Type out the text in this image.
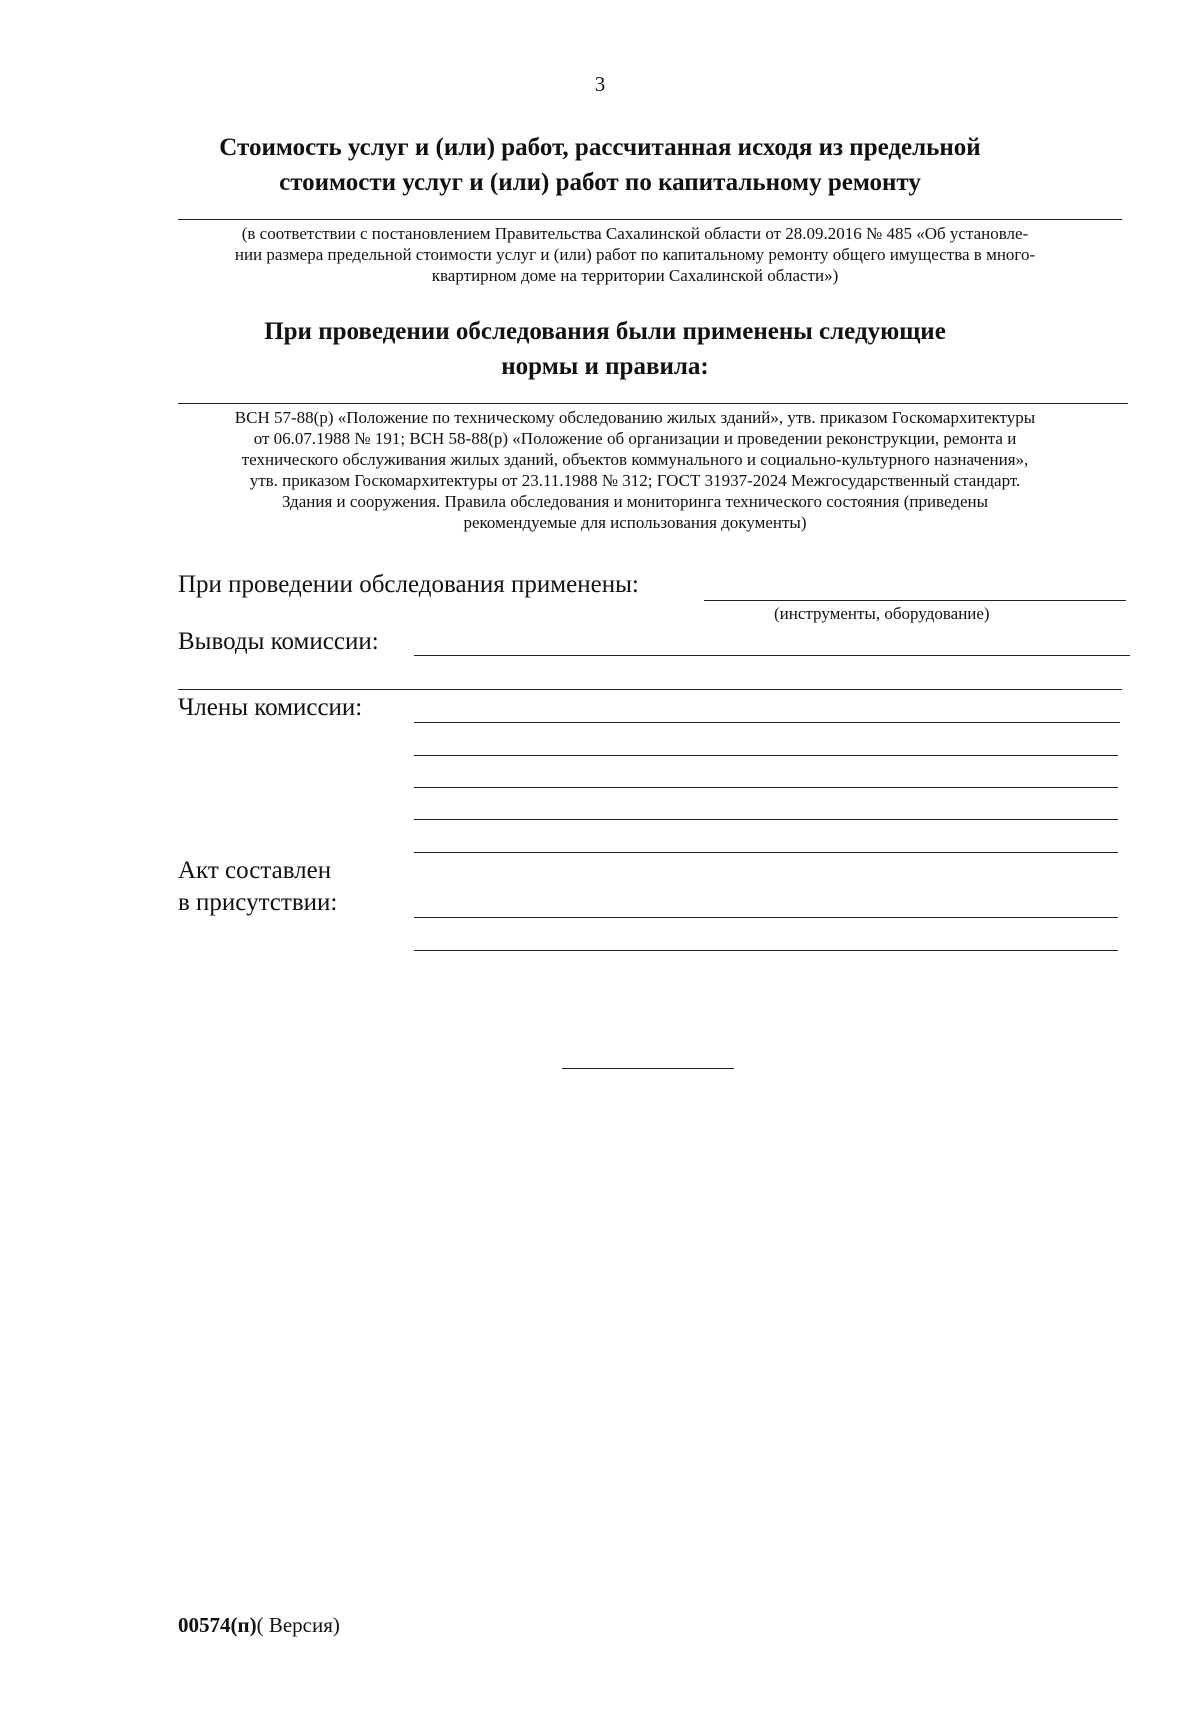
3
Стоимость услуг и (или) работ, рассчитанная исходя из предельной
стоимости услуг и (или) работ по капитальному ремонту
(в соответствии с постановлением Правительства Сахалинской области от 28.09.2016 № 485 «Об установле-
нии размера предельной стоимости услуг и (или) работ по капитальному ремонту общего имущества в много-
квартирном доме на территории Сахалинской области»)
При проведении обследования были применены следующие
нормы и правила:
ВСН 57-88(р) «Положение по техническому обследованию жилых зданий», утв. приказом Госкомархитектуры
от 06.07.1988 № 191; ВСН 58-88(р) «Положение об организации и проведении реконструкции, ремонта и
технического обслуживания жилых зданий, объектов коммунального и социально-культурного назначения»,
утв. приказом Госкомархитектуры от 23.11.1988 № 312; ГОСТ 31937-2024 Межгосударственный стандарт.
Здания и сооружения. Правила обследования и мониторинга технического состояния (приведены
рекомендуемые для использования документы)
При проведении обследования применены:
(инструменты, оборудование)
Выводы комиссии:
Члены комиссии:
Акт составлен
в присутствии:
00574(п)( Версия)
